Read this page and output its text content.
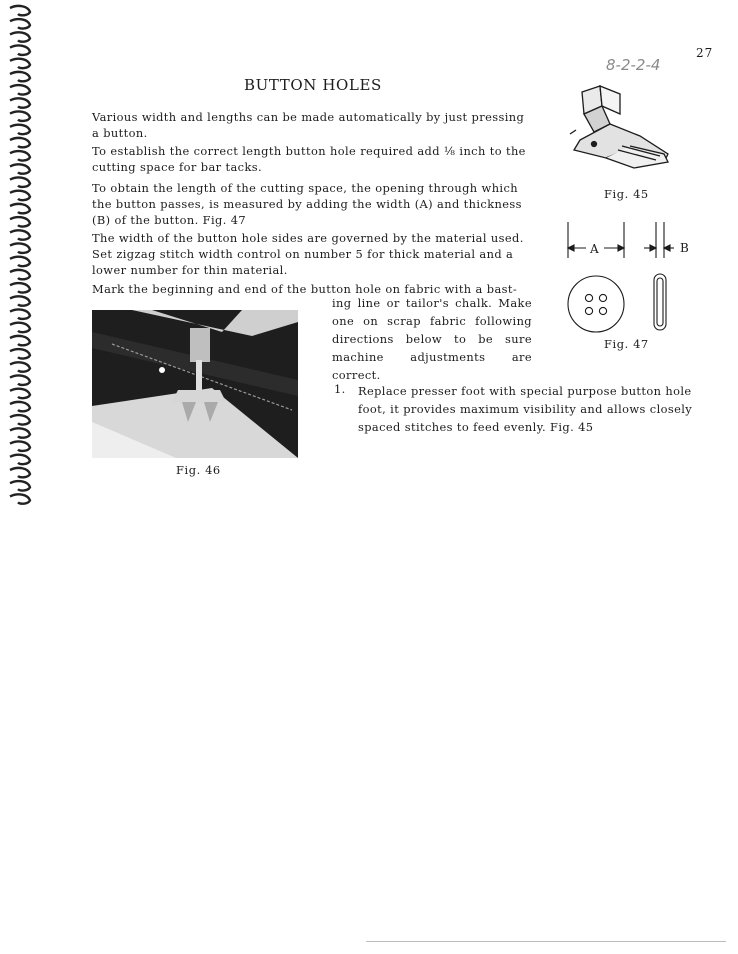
8-2-2-4
27
BUTTON HOLES

Various width and lengths can be made automatically by just pressing a button.

To establish the correct length button hole required add ⅛ inch to the cutting space for bar tacks.

To obtain the length of the cutting space, the opening through which the button passes, is measured by adding the width (A) and thickness (B) of the button. Fig. 47

The width of the button hole sides are governed by the material used. Set zigzag stitch width control on number 5 for thick material and a lower number for thin material.

Mark the beginning and end of the button hole on fabric with a bast-

ing line or tailor's chalk. Make one on scrap fabric following directions below to be sure machine adjustments are correct.

Fig. 46
Fig. 45
A	B
Fig. 47
1. Replace presser foot with special purpose button hole foot, it provides maximum visibility and allows closely spaced stitches to feed evenly. Fig. 45
